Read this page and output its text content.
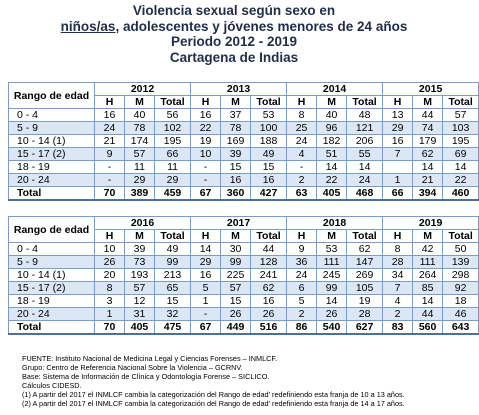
Violencia sexual según sexo en
niños/as, adolescentes y jóvenes menores de 24 años
Periodo 2012 - 2019
Cartagena de Indias
Rango de edad	2012			2013			2014			2015		
	H	M	Total	H	M	Total	H	M	Total	H	M	Total
0 - 4	16	40	56	16	37	53	8	40	48	13	44	57
5 - 9	24	78	102	22	78	100	25	96	121	29	74	103
10 - 14 (1)	21	174	195	19	169	188	24	182	206	16	179	195
15 - 17 (2)	9	57	66	10	39	49	4	51	55	7	62	69
18 - 19	-	11	11	-	15	15	-	14	14		14	14
20 - 24	-	29	29	-	16	16	2	22	24	1	21	22
Total	70	389	459	67	360	427	63	405	468	66	394	460
Rango de edad	2016			2017			2018			2019		
	H	M	Total	H	M	Total	H	M	Total	H	M	Total
0 - 4	10	39	49	14	30	44	9	53	62	8	42	50
5 - 9	26	73	99	29	99	128	36	111	147	28	111	139
10 - 14 (1)	20	193	213	16	225	241	24	245	269	34	264	298
15 - 17 (2)	8	57	65	5	57	62	6	99	105	7	85	92
18 - 19	3	12	15	1	15	16	5	14	19	4	14	18
20 - 24	1	31	32	-	26	26	2	26	28	2	44	46
Total	70	405	475	67	449	516	86	540	627	83	560	643
FUENTE: Instituto Nacional de Medicina Legal y Ciencias Forenses – INMLCF.
Grupo: Centro de Referencia Nacional Sobre la Violencia – GCRNV.
Base: Sistema de Información de Clínica y Odontología Forense – SICLICO.
Cálculos CIDESD.
(1) A partir del 2017 el INMLCF cambia la categorización del Rango de edad' redefiniendo esta franja de 10 a 13 años.
(2) A partir del 2017 el INMLCF cambia la categorización del Rango de edad' redefiniendo esta franja de 14 a 17 años.
